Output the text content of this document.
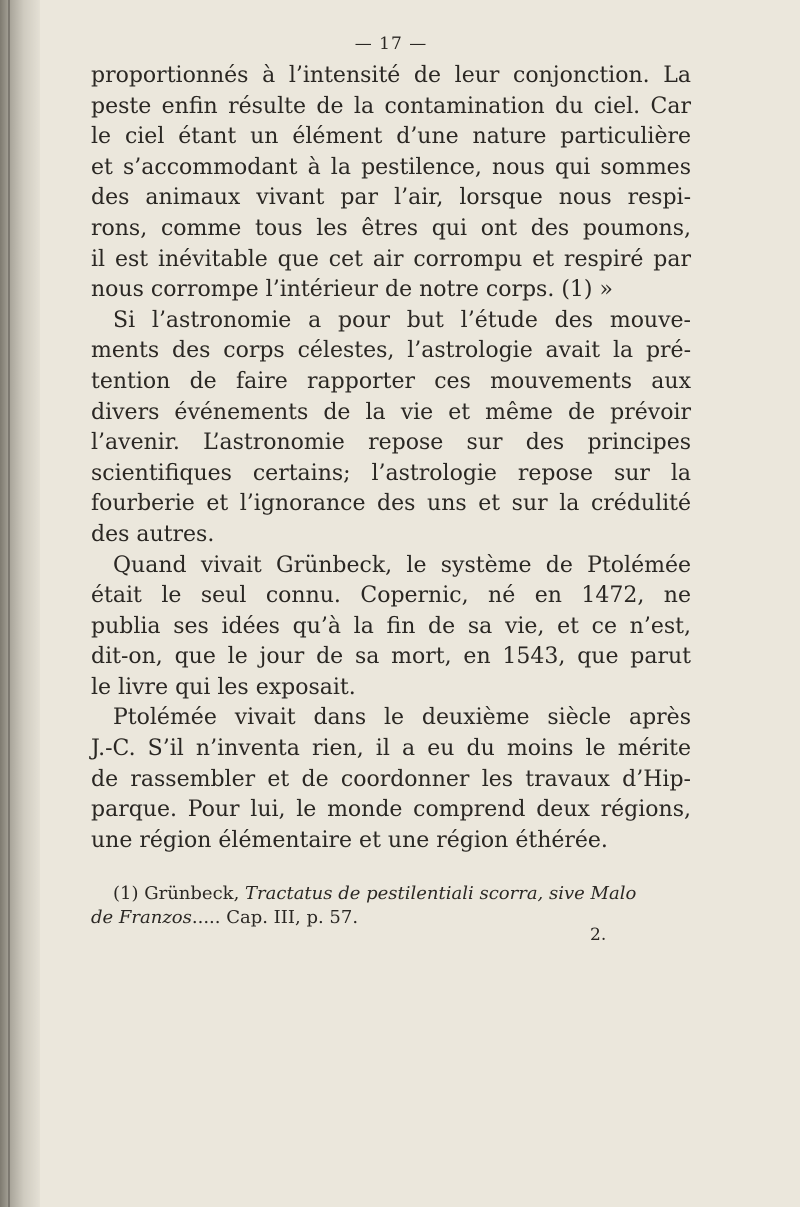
— 17 —
proportionnés à l’intensité de leur conjonction. La
peste enfin résulte de la contamination du ciel. Car
le ciel étant un élément d’une nature particulière
et s’accommodant à la pestilence, nous qui sommes
des animaux vivant par l’air, lorsque nous respi-
rons, comme tous les êtres qui ont des poumons,
il est inévitable que cet air corrompu et respiré par
nous corrompe l’intérieur de notre corps. (1) »
Si l’astronomie a pour but l’étude des mouve-
ments des corps célestes, l’astrologie avait la pré-
tention de faire rapporter ces mouvements aux
divers événements de la vie et même de prévoir
l’avenir. L’astronomie repose sur des principes
scientifiques certains; l’astrologie repose sur la
fourberie et l’ignorance des uns et sur la crédulité
des autres.
Quand vivait Grünbeck, le système de Ptolémée
était le seul connu. Copernic, né en 1472, ne
publia ses idées qu’à la fin de sa vie, et ce n’est,
dit-on, que le jour de sa mort, en 1543, que parut
le livre qui les exposait.
Ptolémée vivait dans le deuxième siècle après
J.-C. S’il n’inventa rien, il a eu du moins le mérite
de rassembler et de coordonner les travaux d’Hip-
parque. Pour lui, le monde comprend deux régions,
une région élémentaire et une région éthérée.
(1) Grünbeck, Tractatus de pestilentiali scorra, sive Malo
de Franzos..... Cap. III, p. 57.
2.
